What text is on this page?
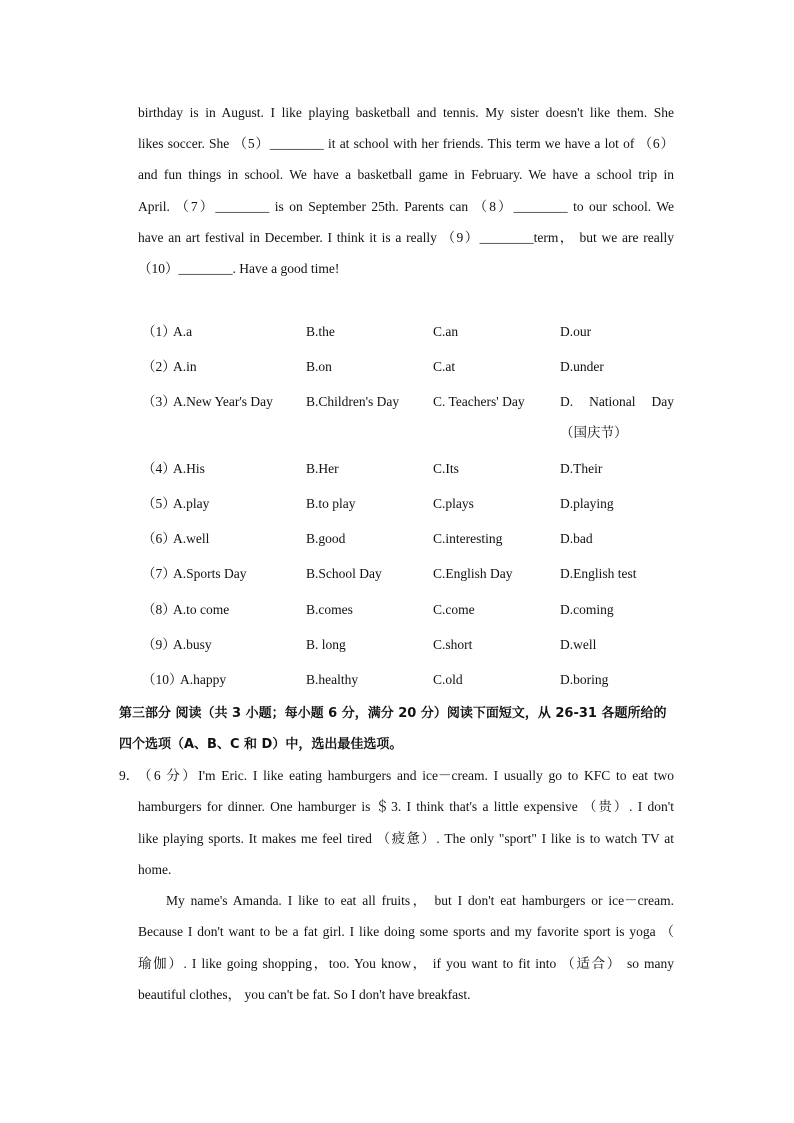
birthday is in August. I like playing basketball and tennis. My sister doesn't like them. She
likes soccer. She （5）________ it at school with her friends. This term we have a lot of （6）
and fun things in school. We have a basketball game in February. We have a school trip in
April. （7）________ is on September 25th. Parents can （8）________ to our school. We
have an art festival in December. I think it is a really （9）________term， but we are really
（10）________. Have a good time!
（1）
A.a	B.the	C.an	D.our
（2）
A.in	B.on	C.at	D.under
（3）
A.New Year's Day B.Children's Day	C. Teachers' Day	D. National Day
（国庆节）
（4）
A.His	B.Her	C.Its	D.Their
（5）
A.play	B.to play	C.plays	D.playing
（6）
A.well	B.good	C.interesting	D.bad
（7）
A.Sports Day	B.School Day	C.English Day	D.English test
（8）
A.to come	B.comes	C.come	D.coming
（9）
A.busy	B. long	C.short	D.well
（10）
A.happy	B.healthy	C.old	D.boring
第三部分 阅读（共 3 小题；每小题 6 分，满分 20 分）阅读下面短文，从 26-31 各题所给的
四个选项（A、B、C 和 D）中，选出最佳选项。
9．
（6 分）I'm Eric. I like eating hamburgers and ice－cream. I usually go to KFC to eat two
hamburgers for dinner. One hamburger is ＄3. I think that's a little expensive （贵）. I don't
like playing sports. It makes me feel tired （疲惫）. The only "sport" I like is to watch TV at
home.
My name's Amanda. I like to eat all fruits， but I don't eat hamburgers or ice－cream.
Because I don't want to be a fat girl. I like doing some sports and my favorite sport is yoga （
瑜伽）. I like going shopping，too. You know， if you want to fit into （适合） so many
beautiful clothes， you can't be fat. So I don't have breakfast.
